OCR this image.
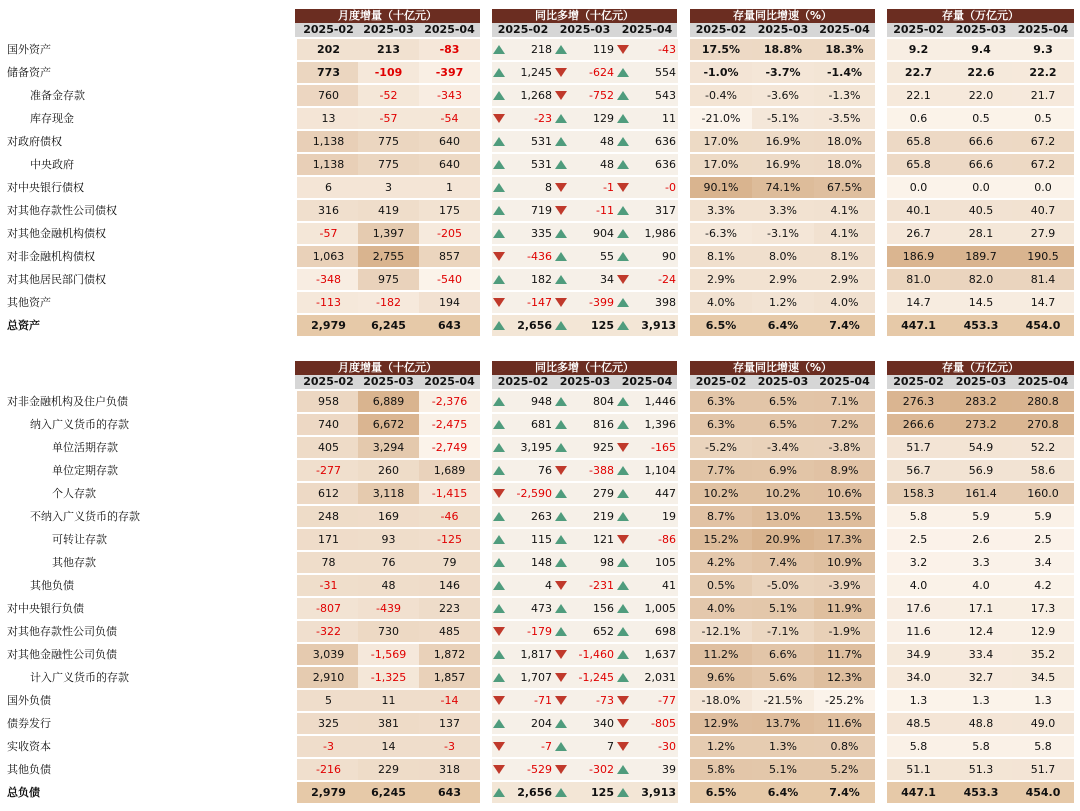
月度增量（十亿元）	同比多增（十亿元）	存量同比增速（%）	存量（万亿元）
2025-02 2025-03 2025-04	2025-02	2025-03	2025-04	2025-02	2025-03	2025-04	2025-02	2025-03	2025-04
国外资产	202	213	-83	218	119	-43	17.5%	18.8%	18.3%	9.2	9.4	9.3
储备资产	773	-109	-397	1,245	-624	554	-1.0%	-3.7%	-1.4%	22.7	22.6	22.2
准备金存款	760	-52	-343	1,268	-752	543	-0.4%	-3.6%	-1.3%	22.1	22.0	21.7
库存现金	13	-57	-54	-23	129	11	-21.0%	-5.1%	-3.5%	0.6	0.5	0.5
对政府债权	1,138	775	640	531	48	636	17.0%	16.9%	18.0%	65.8	66.6	67.2
中央政府	1,138	775	640	531	48	636	17.0%	16.9%	18.0%	65.8	66.6	67.2
对中央银行债权	6	3	1	8	-1	-0	90.1%	74.1%	67.5%	0.0	0.0	0.0
对其他存款性公司债权	316	419	175	719	-11	317	3.3%	3.3%	4.1%	40.1	40.5	40.7
对其他金融机构债权	-57	1,397	-205	335	904	1,986	-6.3%	-3.1%	4.1%	26.7	28.1	27.9
对非金融机构债权	1,063	2,755	857	-436	55	90	8.1%	8.0%	8.1%	186.9	189.7	190.5
对其他居民部门债权	-348	975	-540	182	34	-24	2.9%	2.9%	2.9%	81.0	82.0	81.4
其他资产	-113	-182	194	-147	-399	398	4.0%	1.2%	4.0%	14.7	14.5	14.7
总资产	2,979	6,245	643	2,656	125	3,913	6.5%	6.4%	7.4%	447.1	453.3	454.0
月度增量（十亿元）	同比多增（十亿元）	存量同比增速（%）	存量（万亿元）
2025-02 2025-03 2025-04	2025-02	2025-03	2025-04	2025-02	2025-03	2025-04	2025-02	2025-03	2025-04
对非金融机构及住户负债	958	6,889	-2,376	948	804	1,446	6.3%	6.5%	7.1%	276.3	283.2	280.8
纳入广义货币的存款	740	6,672	-2,475	681	816	1,396	6.3%	6.5%	7.2%	266.6	273.2	270.8
单位活期存款	405	3,294	-2,749	3,195	925	-165	-5.2%	-3.4%	-3.8%	51.7	54.9	52.2
单位定期存款	-277	260	1,689	76	-388	1,104	7.7%	6.9%	8.9%	56.7	56.9	58.6
个人存款	612	3,118	-1,415	-2,590	279	447	10.2%	10.2%	10.6%	158.3	161.4	160.0
不纳入广义货币的存款	248	169	-46	263	219	19	8.7%	13.0%	13.5%	5.8	5.9	5.9
可转让存款	171	93	-125	115	121	-86	15.2%	20.9%	17.3%	2.5	2.6	2.5
其他存款	78	76	79	148	98	105	4.2%	7.4%	10.9%	3.2	3.3	3.4
其他负债	-31	48	146	4	-231	41	0.5%	-5.0%	-3.9%	4.0	4.0	4.2
对中央银行负债	-807	-439	223	473	156	1,005	4.0%	5.1%	11.9%	17.6	17.1	17.3
对其他存款性公司负债	-322	730	485	-179	652	698	-12.1%	-7.1%	-1.9%	11.6	12.4	12.9
对其他金融性公司负债	3,039	-1,569	1,872	1,817	-1,460	1,637	11.2%	6.6%	11.7%	34.9	33.4	35.2
计入广义货币的存款	2,910	-1,325	1,857	1,707	-1,245	2,031	9.6%	5.6%	12.3%	34.0	32.7	34.5
国外负债	5	11	-14	-71	-73	-77	-18.0%	-21.5%	-25.2%	1.3	1.3	1.3
债券发行	325	381	137	204	340	-805	12.9%	13.7%	11.6%	48.5	48.8	49.0
实收资本	-3	14	-3	-7	7	-30	1.2%	1.3%	0.8%	5.8	5.8	5.8
其他负债	-216	229	318	-529	-302	39	5.8%	5.1%	5.2%	51.1	51.3	51.7
总负债	2,979	6,245	643	2,656	125	3,913	6.5%	6.4%	7.4%	447.1	453.3	454.0
